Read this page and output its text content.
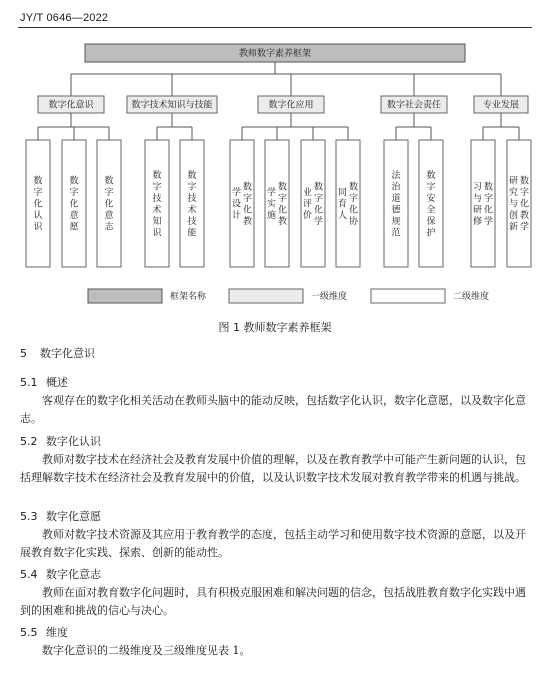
JY/T 0646—2022
教师数字素养框架
数字化意识
数字化认识
数字化意愿
数字化意志
数字技术知识与技能
数字技术知识
数字技术技能
数字化应用
数字化教
学设计
数字化教
学实施
数字化学
业评价
数字化协
同育人
数字社会责任
法治道德规范
数字安全保护
专业发展
数字化学
习与研修
数字化教学
研究与创新
框架名称	一级维度	二级维度
图 1 教师数字素养框架
5 数字化意识
5.1 概述
客观存在的数字化相关活动在教师头脑中的能动反映，包括数字化认识，数字化意愿，以及数字化意志。
5.2 数字化认识
教师对数字技术在经济社会及教育发展中价值的理解，以及在教育教学中可能产生新问题的认识，包括理解数字技术在经济社会及教育发展中的价值，以及认识数字技术发展对教育教学带来的机遇与挑战。
5.3 数字化意愿
教师对数字技术资源及其应用于教育教学的态度，包括主动学习和使用数字技术资源的意愿，以及开展教育数字化实践、探索、创新的能动性。
5.4 数字化意志
教师在面对教育数字化问题时，具有积极克服困难和解决问题的信念，包括战胜教育数字化实践中遇到的困难和挑战的信心与决心。
5.5 维度
数字化意识的二级维度及三级维度见表 1。
